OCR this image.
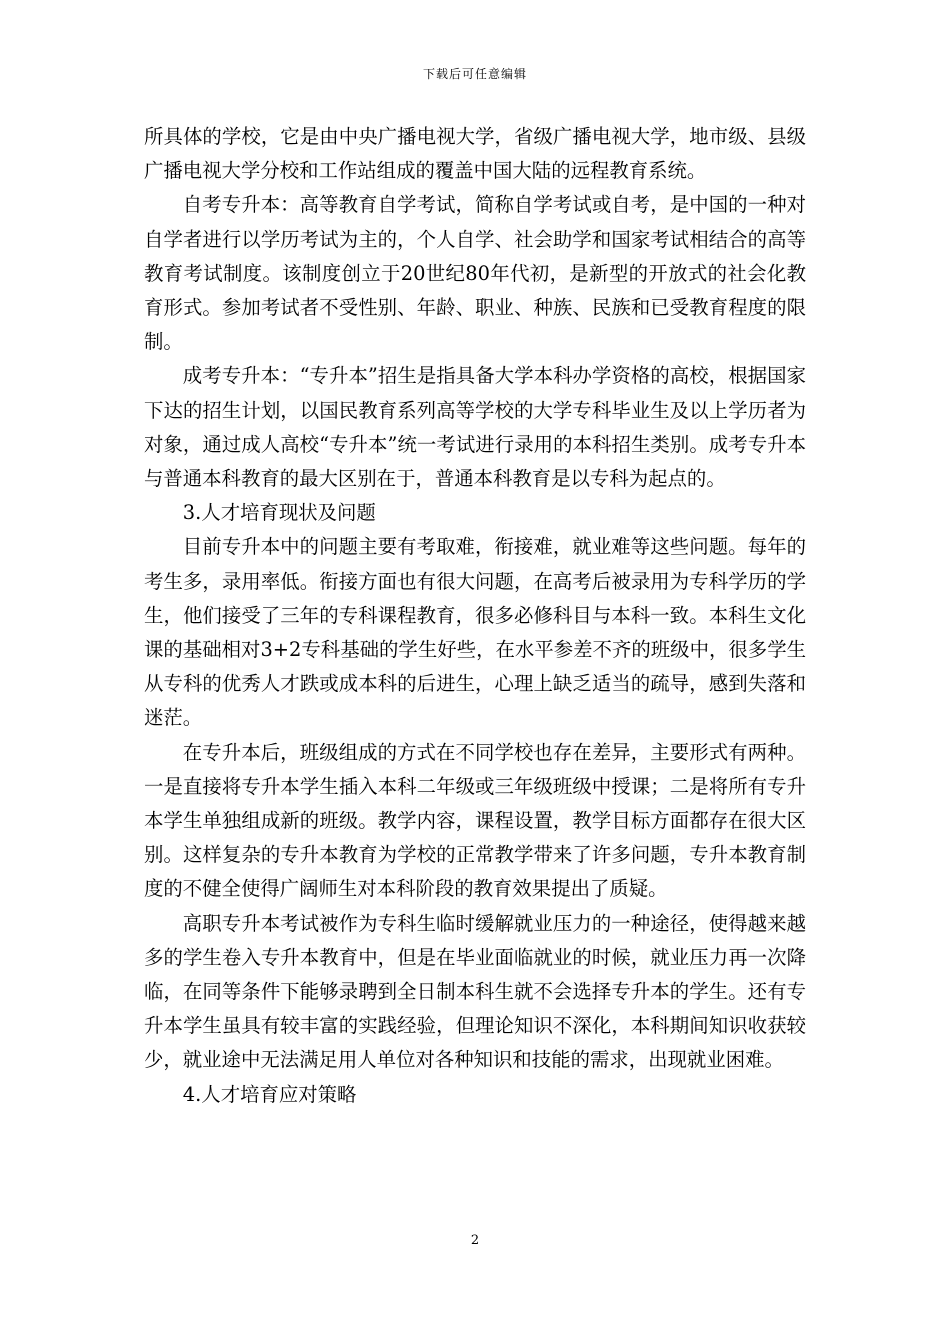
下载后可任意编辑

所具体的学校，它是由中央广播电视大学，省级广播电视大学，地市级、县级广播电视大学分校和工作站组成的覆盖中国大陆的远程教育系统。

自考专升本：高等教育自学考试，简称自学考试或自考，是中国的一种对自学者进行以学历考试为主的，个人自学、社会助学和国家考试相结合的高等教育考试制度。该制度创立于20世纪80年代初，是新型的开放式的社会化教育形式。参加考试者不受性别、年龄、职业、种族、民族和已受教育程度的限制。

成考专升本：“专升本”招生是指具备大学本科办学资格的高校，根据国家下达的招生计划，以国民教育系列高等学校的大学专科毕业生及以上学历者为对象，通过成人高校“专升本”统一考试进行录用的本科招生类别。成考专升本与普通本科教育的最大区别在于，普通本科教育是以专科为起点的。

3.人才培育现状及问题

目前专升本中的问题主要有考取难，衔接难，就业难等这些问题。每年的考生多，录用率低。衔接方面也有很大问题，在高考后被录用为专科学历的学生，他们接受了三年的专科课程教育，很多必修科目与本科一致。本科生文化课的基础相对3+2专科基础的学生好些，在水平参差不齐的班级中，很多学生从专科的优秀人才跌或成本科的后进生，心理上缺乏适当的疏导，感到失落和迷茫。

在专升本后，班级组成的方式在不同学校也存在差异，主要形式有两种。一是直接将专升本学生插入本科二年级或三年级班级中授课；二是将所有专升本学生单独组成新的班级。教学内容，课程设置，教学目标方面都存在很大区别。这样复杂的专升本教育为学校的正常教学带来了许多问题，专升本教育制度的不健全使得广阔师生对本科阶段的教育效果提出了质疑。

高职专升本考试被作为专科生临时缓解就业压力的一种途径，使得越来越多的学生卷入专升本教育中，但是在毕业面临就业的时候，就业压力再一次降临，在同等条件下能够录聘到全日制本科生就不会选择专升本的学生。还有专升本学生虽具有较丰富的实践经验，但理论知识不深化，本科期间知识收获较少，就业途中无法满足用人单位对各种知识和技能的需求，出现就业困难。

4.人才培育应对策略

2
